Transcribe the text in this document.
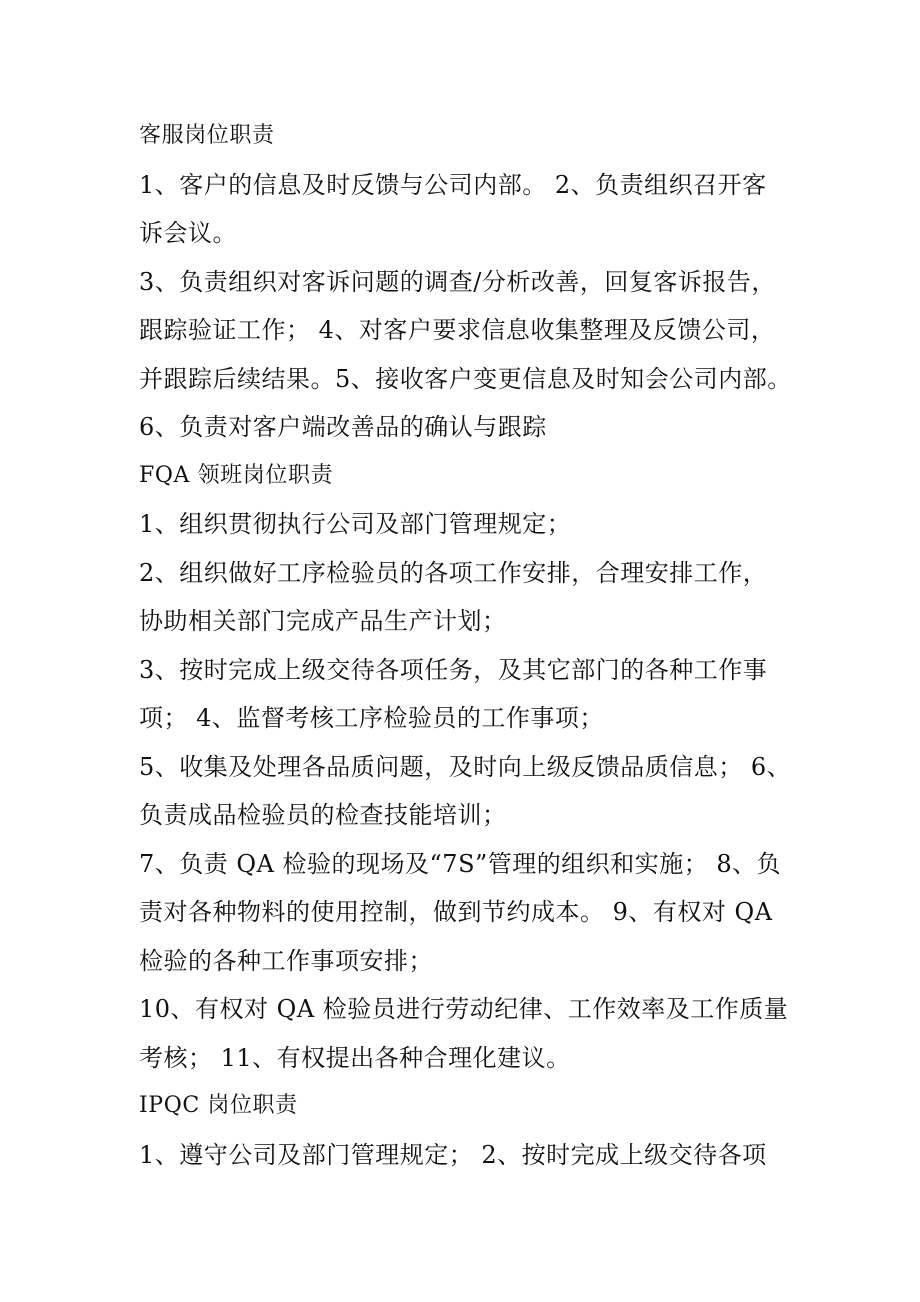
客服岗位职责
1、客户的信息及时反馈与公司内部。 2、负责组织召开客
诉会议。
3、负责组织对客诉问题的调查/分析改善，回复客诉报告，
跟踪验证工作； 4、对客户要求信息收集整理及反馈公司，
并跟踪后续结果。5、接收客户变更信息及时知会公司内部。
6、负责对客户端改善品的确认与跟踪
FQA 领班岗位职责
1、组织贯彻执行公司及部门管理规定；
2、组织做好工序检验员的各项工作安排，合理安排工作，
协助相关部门完成产品生产计划；
3、按时完成上级交待各项任务，及其它部门的各种工作事
项； 4、监督考核工序检验员的工作事项；
5、收集及处理各品质问题，及时向上级反馈品质信息； 6、
负责成品检验员的检查技能培训；
7、负责 QA 检验的现场及“7S”管理的组织和实施； 8、负
责对各种物料的使用控制，做到节约成本。 9、有权对 QA
检验的各种工作事项安排；
10、有权对 QA 检验员进行劳动纪律、工作效率及工作质量
考核； 11、有权提出各种合理化建议。
IPQC 岗位职责
1、遵守公司及部门管理规定； 2、按时完成上级交待各项
